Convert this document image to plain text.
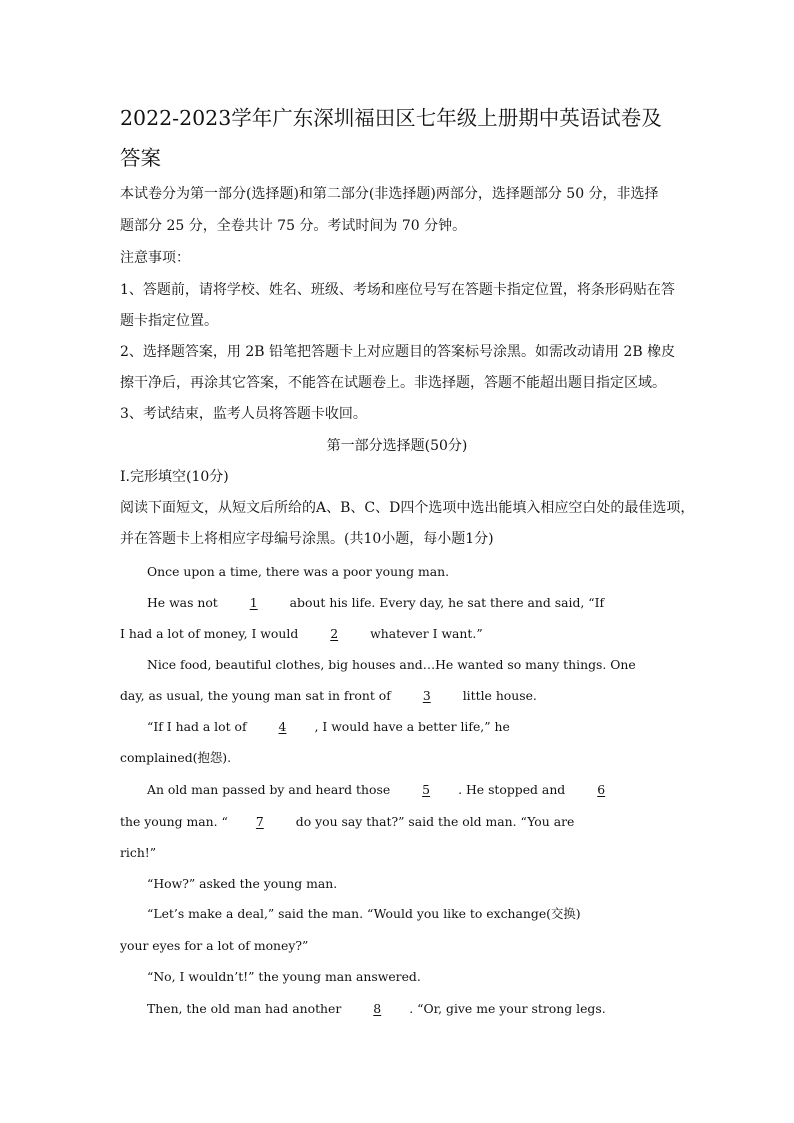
2022-2023学年广东深圳福田区七年级上册期中英语试卷及
答案
本试卷分为第一部分(选择题)和第二部分(非选择题)两部分，选择题部分 50 分，非选择
题部分 25 分，全卷共计 75 分。考试时间为 70 分钟。
注意事项：
1、答题前，请将学校、姓名、班级、考场和座位号写在答题卡指定位置，将条形码贴在答
题卡指定位置。
2、选择题答案，用 2B 铅笔把答题卡上对应题目的答案标号涂黑。如需改动请用 2B 橡皮
擦干净后，再涂其它答案，不能答在试题卷上。非选择题，答题不能超出题目指定区域。
3、考试结束，监考人员将答题卡收回。
第一部分选择题(50分)
I.完形填空(10分)
阅读下面短文，从短文后所给的A、B、C、D四个选项中选出能填入相应空白处的最佳选项，
并在答题卡上将相应字母编号涂黑。(共10小题，每小题1分)
Once upon a time, there was a poor young man.
He was not 1 about his life. Every day, he sat there and said, “If
I had a lot of money, I would 2 whatever I want.”
Nice food, beautiful clothes, big houses and…He wanted so many things. One
day, as usual, the young man sat in front of 3 little house.
“If I had a lot of 4 , I would have a better life,” he
complained(抱怨).
An old man passed by and heard those 5 . He stopped and 6
the young man. “ 7 do you say that?” said the old man. “You are
rich!”
“How?” asked the young man.
“Let’s make a deal,” said the man. “Would you like to exchange(交换)
your eyes for a lot of money?”
“No, I wouldn’t!” the young man answered.
Then, the old man had another 8 . “Or, give me your strong legs.
